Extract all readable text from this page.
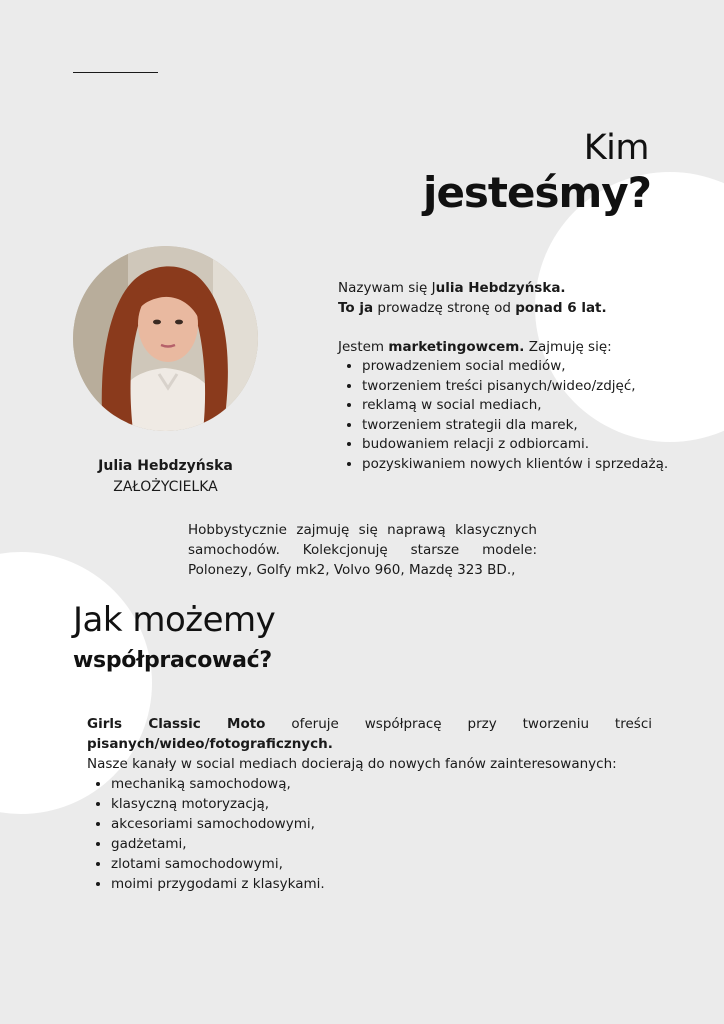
Kim
jesteśmy?
Julia Hebdzyńska
ZAŁOŻYCIELKA

Nazywam się Julia Hebdzyńska.

To ja prowadzę stronę od ponad 6 lat.

Jestem marketingowcem. Zajmuję się:

• prowadzeniem social mediów,
• tworzeniem treści pisanych/wideo/zdjęć,
• reklamą w social mediach,
• tworzeniem strategii dla marek,
• budowaniem relacji z odbiorcami.
• pozyskiwaniem nowych klientów i sprzedażą.
Hobbystycznie zajmuję się naprawą klasycznych samochodów. Kolekcjonuję starsze modele: Polonezy, Golfy mk2, Volvo 960, Mazdę 323 BD.,
Jak możemy
współpracować?

Girls Classic Moto oferuje współpracę przy tworzeniu treści pisanych/wideo/fotograficznych.

Nasze kanały w social mediach docierają do nowych fanów zainteresowanych:

• mechaniką samochodową,
• klasyczną motoryzacją,
• akcesoriami samochodowymi,
• gadżetami,
• zlotami samochodowymi,
• moimi przygodami z klasykami.
